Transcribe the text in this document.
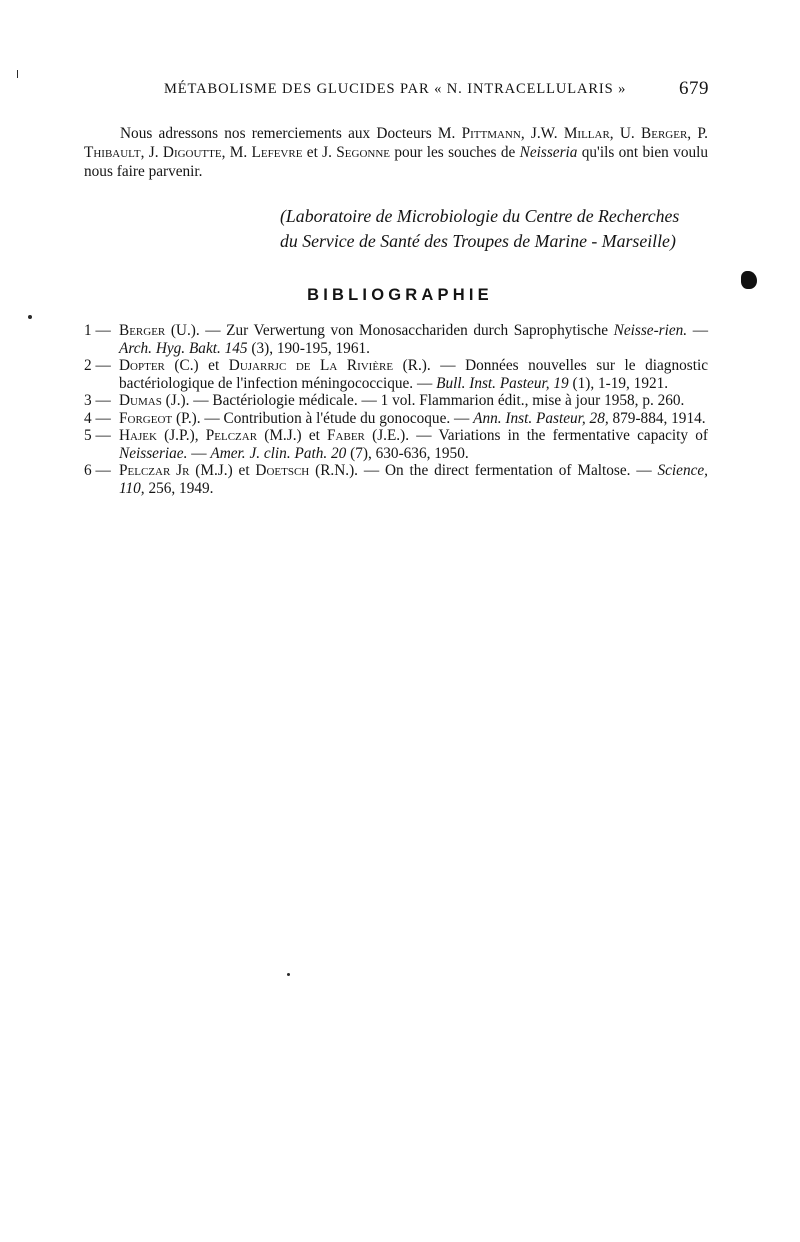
MÉTABOLISME DES GLUCIDES PAR « N. INTRACELLULARIS »	679

Nous adressons nos remerciements aux Docteurs M. Pittmann, J.W. Millar, U. Berger, P. Thibault, J. Digoutte, M. Lefevre et J. Segonne pour les souches de Neisseria qu'ils ont bien voulu nous faire parvenir.

(Laboratoire de Microbiologie du Centre de Recherches
du Service de Santé des Troupes de Marine - Marseille)
BIBLIOGRAPHIE
1 — Berger (U.). — Zur Verwertung von Monosacchariden durch Saprophytische Neisse-rien. — Arch. Hyg. Bakt. 145 (3), 190-195, 1961.
2 — Dopter (C.) et Dujarrjc de La Rivière (R.). — Données nouvelles sur le diagnostic bactériologique de l'infection méningococcique. — Bull. Inst. Pasteur, 19 (1), 1-19, 1921.
3 — Dumas (J.). — Bactériologie médicale. — 1 vol. Flammarion édit., mise à jour 1958, p. 260.
4 — Forgeot (P.). — Contribution à l'étude du gonocoque. — Ann. Inst. Pasteur, 28, 879-884, 1914.
5 — Hajek (J.P.), Pelczar (M.J.) et Faber (J.E.). — Variations in the fermentative capacity of Neisseriae. — Amer. J. clin. Path. 20 (7), 630-636, 1950.
6 — Pelczar Jr (M.J.) et Doetsch (R.N.). — On the direct fermentation of Maltose. — Science, 110, 256, 1949.
